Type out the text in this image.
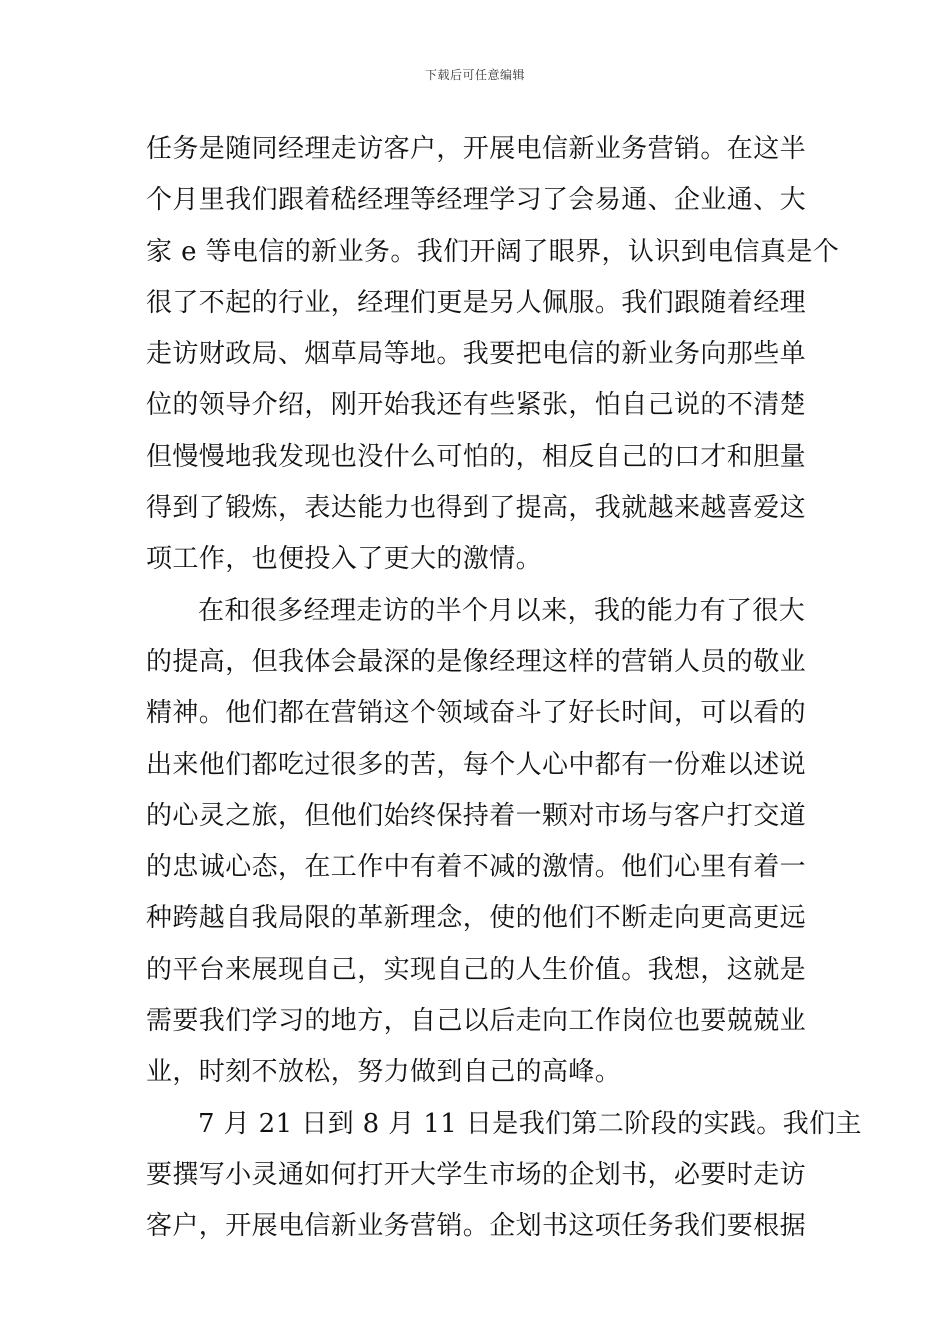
下载后可任意编辑
任务是随同经理走访客户，开展电信新业务营销。在这半
个月里我们跟着嵇经理等经理学习了会易通、企业通、大
家 e 等电信的新业务。我们开阔了眼界，认识到电信真是个
很了不起的行业，经理们更是另人佩服。我们跟随着经理
走访财政局、烟草局等地。我要把电信的新业务向那些单
位的领导介绍，刚开始我还有些紧张，怕自己说的不清楚
但慢慢地我发现也没什么可怕的，相反自己的口才和胆量
得到了锻炼，表达能力也得到了提高，我就越来越喜爱这
项工作，也便投入了更大的激情。
在和很多经理走访的半个月以来，我的能力有了很大
的提高，但我体会最深的是像经理这样的营销人员的敬业
精神。他们都在营销这个领域奋斗了好长时间，可以看的
出来他们都吃过很多的苦，每个人心中都有一份难以述说
的心灵之旅，但他们始终保持着一颗对市场与客户打交道
的忠诚心态，在工作中有着不减的激情。他们心里有着一
种跨越自我局限的革新理念，使的他们不断走向更高更远
的平台来展现自己，实现自己的人生价值。我想，这就是
需要我们学习的地方，自己以后走向工作岗位也要兢兢业
业，时刻不放松，努力做到自己的高峰。
7 月 21 日到 8 月 11 日是我们第二阶段的实践。我们主
要撰写小灵通如何打开大学生市场的企划书，必要时走访
客户，开展电信新业务营销。企划书这项任务我们要根据
